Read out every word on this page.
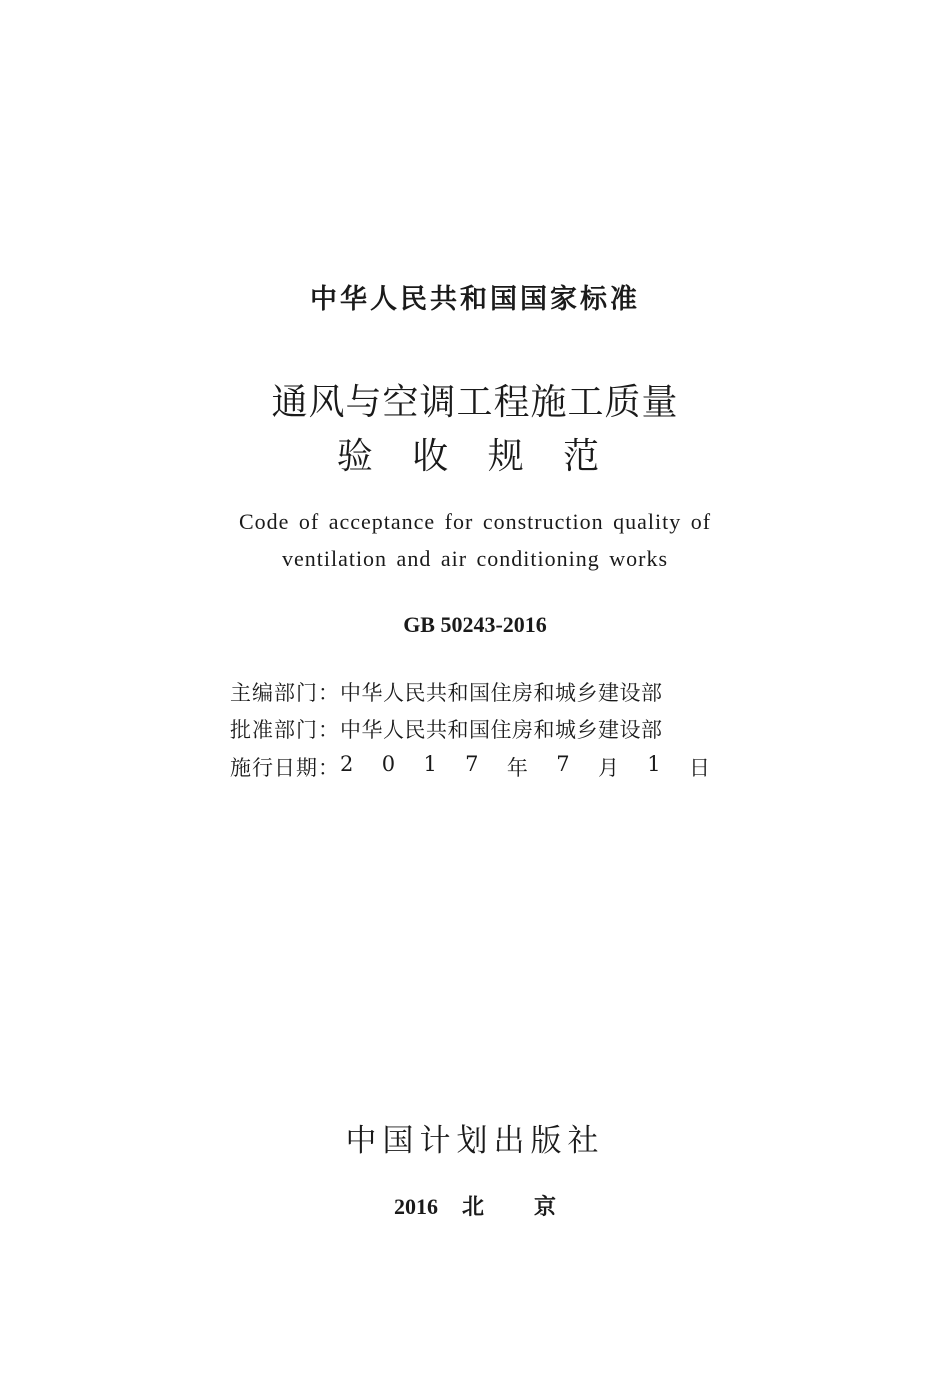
中华人民共和国国家标准
通风与空调工程施工质量
验 收 规 范
Code of acceptance for construction quality of
ventilation and air conditioning works
GB 50243-2016
主编部门： 中华人民共和国住房和城乡建设部
批准部门： 中华人民共和国住房和城乡建设部
施行日期： 2 0 1 7 年 7 月 1 日
中国计划出版社
2016 北 京
